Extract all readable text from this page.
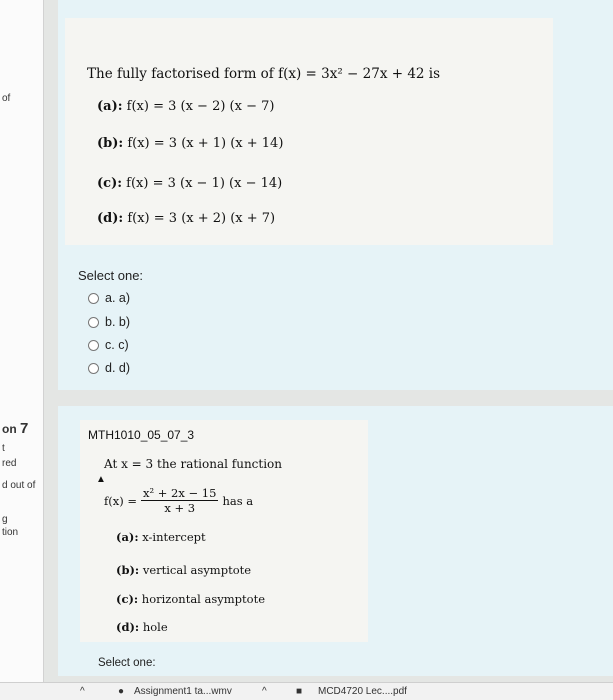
of
on 7
t
red
d out of
g
tion
The fully factorised form of f(x) = 3x² − 27x + 42 is
(a): f(x) = 3 (x − 2) (x − 7)
(b): f(x) = 3 (x + 1) (x + 14)
(c): f(x) = 3 (x − 1) (x − 14)
(d): f(x) = 3 (x + 2) (x + 7)
Select one:
a. a)
b. b)
c. c)
d. d)
MTH1010_05_07_3
At x = 3 the rational function
$f(x) = \frac{\text{x² + 2x − 15}}{x + 3}$ has a
(a): x-intercept
(b): vertical asymptote
(c): horizontal asymptote
(d): hole
Select one:
▲
^	● Assignment1 ta...wmv	^	■ MCD4720 Lec....pdf
